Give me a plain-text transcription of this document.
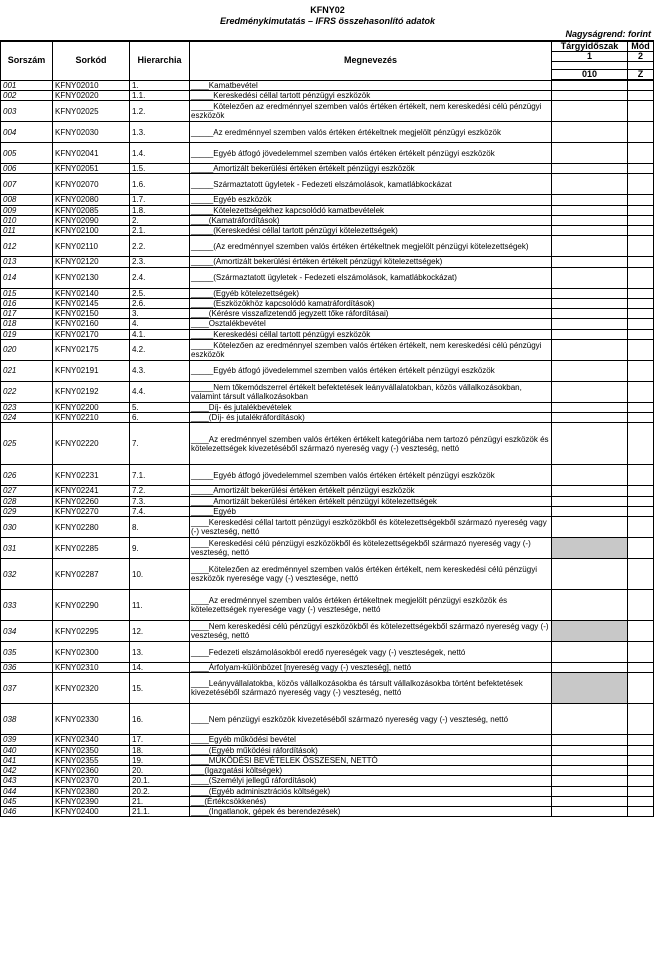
KFNY02
Eredménykimutatás – IFRS összehasonlító adatok
Nagyságrend: forint
Sorszám	Sorkód	Hierarchia	Megnevezés	Tárgyidőszak	Mód
				1	2

				010	Z
001	KFNY02010	1.	____Kamatbevétel		
002	KFNY02020	1.1.	_____Kereskedési céllal tartott pénzügyi eszközök		
003	KFNY02025	1.2.	_____Kötelezően az eredménnyel szemben valós értéken értékelt, nem kereskedési célú pénzügyi eszközök		
004	KFNY02030	1.3.	_____Az eredménnyel szemben valós értéken értékeltnek megjelölt pénzügyi eszközök		
005	KFNY02041	1.4.	_____Egyéb átfogó jövedelemmel szemben valós értéken értékelt pénzügyi eszközök		
006	KFNY02051	1.5.	_____Amortizált bekerülési értéken értékelt pénzügyi eszközök		
007	KFNY02070	1.6.	_____Származtatott ügyletek - Fedezeti elszámolások, kamatlábkockázat		
008	KFNY02080	1.7.	_____Egyéb eszközök		
009	KFNY02085	1.8.	_____Kötelezettségekhez kapcsolódó kamatbevételek		
010	KFNY02090	2.	____(Kamatráfordítások)		
011	KFNY02100	2.1.	_____(Kereskedési céllal tartott pénzügyi kötelezettségek)		
012	KFNY02110	2.2.	_____(Az eredménnyel szemben valós értéken értékeltnek megjelölt pénzügyi kötelezettségek)		
013	KFNY02120	2.3.	_____(Amortizált bekerülési értéken értékelt pénzügyi kötelezettségek)		
014	KFNY02130	2.4.	_____(Származtatott ügyletek - Fedezeti elszámolások, kamatlábkockázat)		
015	KFNY02140	2.5.	_____(Egyéb kötelezettségek)		
016	KFNY02145	2.6.	_____(Eszközökhöz kapcsolódó kamatráfordítások)		
017	KFNY02150	3.	____(Kérésre visszafizetendő jegyzett tőke ráfordításai)		
018	KFNY02160	4.	____Osztalékbevétel		
019	KFNY02170	4.1.	_____Kereskedési céllal tartott pénzügyi eszközök		
020	KFNY02175	4.2.	_____Kötelezően az eredménnyel szemben valós értéken értékelt, nem kereskedési célú pénzügyi eszközök		
021	KFNY02191	4.3.	_____Egyéb átfogó jövedelemmel szemben valós értéken értékelt pénzügyi eszközök		
022	KFNY02192	4.4.	_____Nem tőkemódszerrel értékelt befektetések leányvállalatokban, közös vállalkozásokban, valamint társult vállalkozásokban		
023	KFNY02200	5.	____Díj- és jutalékbevételek		
024	KFNY02210	6.	____(Díj- és jutalékráfordítások)		
025	KFNY02220	7.	____Az eredménnyel szemben valós értéken értékelt kategóriába nem tartozó pénzügyi eszközök és kötelezettségek kivezetéséből származó nyereség vagy (-) veszteség, nettó		
026	KFNY02231	7.1.	_____Egyéb átfogó jövedelemmel szemben valós értéken értékelt pénzügyi eszközök		
027	KFNY02241	7.2.	_____Amortizált bekerülési értéken értékelt pénzügyi eszközök		
028	KFNY02260	7.3.	_____Amortizált bekerülési értéken értékelt pénzügyi kötelezettségek		
029	KFNY02270	7.4.	_____Egyéb		
030	KFNY02280	8.	____Kereskedési céllal tartott pénzügyi eszközökből és kötelezettségekből származó nyereség vagy (-) veszteség, nettó		
031	KFNY02285	9.	____Kereskedési célú pénzügyi eszközökből és kötelezettségekből származó nyereség vagy (-) veszteség, nettó		
032	KFNY02287	10.	____Kötelezően az eredménnyel szemben valós értéken értékelt, nem kereskedési célú pénzügyi eszközök nyeresége vagy (-) vesztesége, nettó		
033	KFNY02290	11.	____Az eredménnyel szemben valós értéken értékeltnek megjelölt pénzügyi eszközök és kötelezettségek nyeresége vagy (-) vesztesége, nettó		
034	KFNY02295	12.	____Nem kereskedési célú pénzügyi eszközökből és kötelezettségekből származó nyereség vagy (-) veszteség, nettó		
035	KFNY02300	13.	____Fedezeti elszámolásokból eredő nyereségek vagy (-) veszteségek, nettó		
036	KFNY02310	14.	____Árfolyam-különbözet [nyereség vagy (-) veszteség], nettó		
037	KFNY02320	15.	____Leányvállalatokba, közös vállalkozásokba és társult vállalkozásokba történt befektetések kivezetéséből származó nyereség vagy (-) veszteség, nettó		
038	KFNY02330	16.	____Nem pénzügyi eszközök kivezetéséből származó nyereség vagy (-) veszteség, nettó		
039	KFNY02340	17.	____Egyéb működési bevétel		
040	KFNY02350	18.	____(Egyéb működési ráfordítások)		
041	KFNY02355	19.	____MŰKÖDÉSI BEVÉTELEK ÖSSZESEN, NETTÓ		
042	KFNY02360	20.	___(Igazgatási költségek)		
043	KFNY02370	20.1.	____(Személyi jellegű ráfordítások)		
044	KFNY02380	20.2.	____(Egyéb adminisztrációs költségek)		
045	KFNY02390	21.	___(Értékcsökkenés)		
046	KFNY02400	21.1.	____(Ingatlanok, gépek és berendezések)		
